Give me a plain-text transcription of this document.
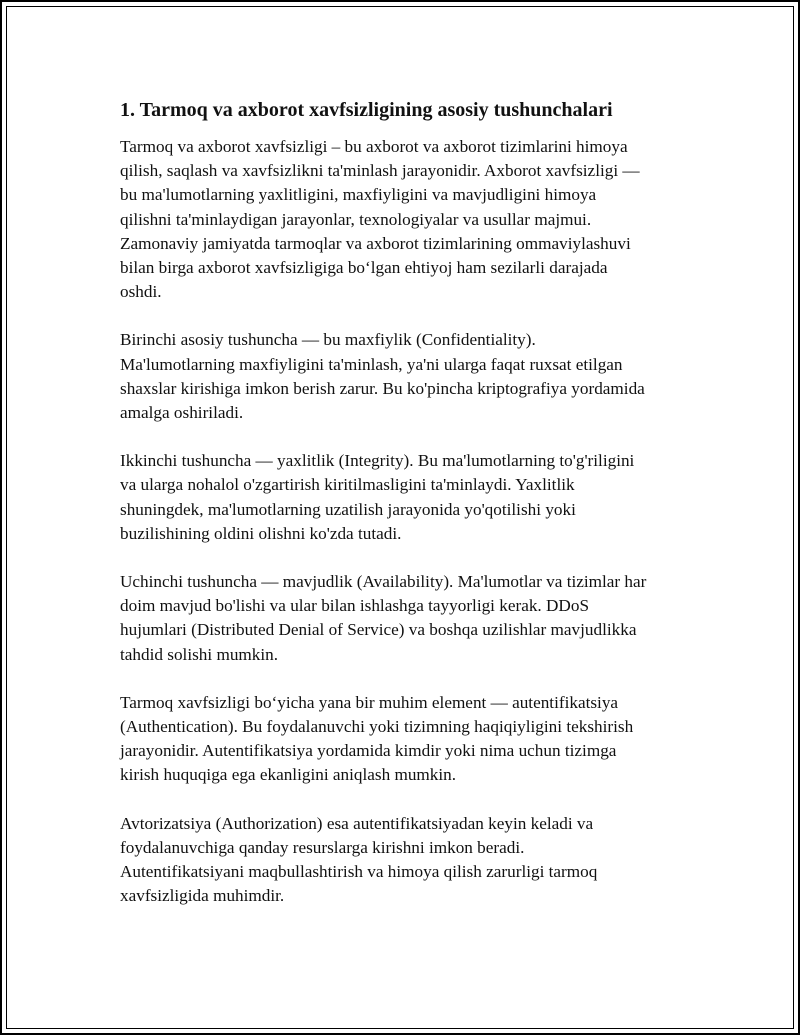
1. Tarmoq va axborot xavfsizligining asosiy tushunchalari

Tarmoq va axborot xavfsizligi – bu axborot va axborot tizimlarini himoya
qilish, saqlash va xavfsizlikni ta'minlash jarayonidir. Axborot xavfsizligi —
bu ma'lumotlarning yaxlitligini, maxfiyligini va mavjudligini himoya
qilishni ta'minlaydigan jarayonlar, texnologiyalar va usullar majmui.
Zamonaviy jamiyatda tarmoqlar va axborot tizimlarining ommaviylashuvi
bilan birga axborot xavfsizligiga bo‘lgan ehtiyoj ham sezilarli darajada
oshdi.

Birinchi asosiy tushuncha — bu maxfiylik (Confidentiality).
Ma'lumotlarning maxfiyligini ta'minlash, ya'ni ularga faqat ruxsat etilgan
shaxslar kirishiga imkon berish zarur. Bu ko'pincha kriptografiya yordamida
amalga oshiriladi.

Ikkinchi tushuncha — yaxlitlik (Integrity). Bu ma'lumotlarning to'g'riligini
va ularga nohalol o'zgartirish kiritilmasligini ta'minlaydi. Yaxlitlik
shuningdek, ma'lumotlarning uzatilish jarayonida yo'qotilishi yoki
buzilishining oldini olishni ko'zda tutadi.

Uchinchi tushuncha — mavjudlik (Availability). Ma'lumotlar va tizimlar har
doim mavjud bo'lishi va ular bilan ishlashga tayyorligi kerak. DDoS
hujumlari (Distributed Denial of Service) va boshqa uzilishlar mavjudlikka
tahdid solishi mumkin.

Tarmoq xavfsizligi bo‘yicha yana bir muhim element — autentifikatsiya
(Authentication). Bu foydalanuvchi yoki tizimning haqiqiyligini tekshirish
jarayonidir. Autentifikatsiya yordamida kimdir yoki nima uchun tizimga
kirish huquqiga ega ekanligini aniqlash mumkin.

Avtorizatsiya (Authorization) esa autentifikatsiyadan keyin keladi va
foydalanuvchiga qanday resurslarga kirishni imkon beradi.
Autentifikatsiyani maqbullashtirish va himoya qilish zarurligi tarmoq
xavfsizligida muhimdir.
